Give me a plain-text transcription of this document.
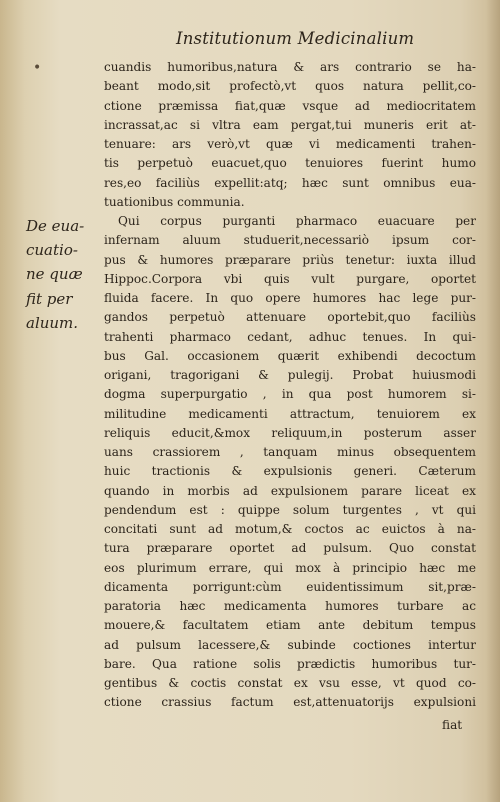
Institutionum Medicinalium
•
De eua-
cuatio-
ne quæ
fit per
aluum.
cuandis humoribus,natura & ars contrario se ha-
beant modo,sit profectò,vt quos natura pellit,co-
ctione præmissa fiat,quæ vsque ad mediocritatem
incrassat,ac si vltra eam pergat,tui muneris erit at-
tenuare: ars verò,vt quæ vi medicamenti trahen-
tis perpetuò euacuet,quo tenuiores fuerint humo
res,eo faciliùs expellit:atq; hæc sunt omnibus eua-
tuationibus communia.
Qui corpus purganti pharmaco euacuare per
infernam aluum studuerit,necessariò ipsum cor-
pus & humores præparare priùs tenetur: iuxta illud
Hippoc.Corpora vbi quis vult purgare, oportet
fluida facere. In quo opere humores hac lege pur-
gandos perpetuò attenuare oportebit,quo faciliùs
trahenti pharmaco cedant, adhuc tenues. In qui-
bus Gal. occasionem quærit exhibendi decoctum
origani, tragorigani & pulegij. Probat huiusmodi
dogma superpurgatio , in qua post humorem si-
militudine medicamenti attractum, tenuiorem ex
reliquis educit,&mox reliquum,in posterum asser
uans crassiorem , tanquam minus obsequentem
huic tractionis & expulsionis generi. Cæterum
quando in morbis ad expulsionem parare liceat ex
pendendum est : quippe solum turgentes , vt qui
concitati sunt ad motum,& coctos ac euictos à na-
tura præparare oportet ad pulsum. Quo constat
eos plurimum errare, qui mox à principio hæc me
dicamenta porrigunt:cùm euidentissimum sit,præ-
paratoria hæc medicamenta humores turbare ac
mouere,& facultatem etiam ante debitum tempus
ad pulsum lacessere,& subinde coctiones intertur
bare. Qua ratione solis prædictis humoribus tur-
gentibus & coctis constat ex vsu esse, vt quod co-
ctione crassius factum est,attenuatorijs expulsioni
fiat
